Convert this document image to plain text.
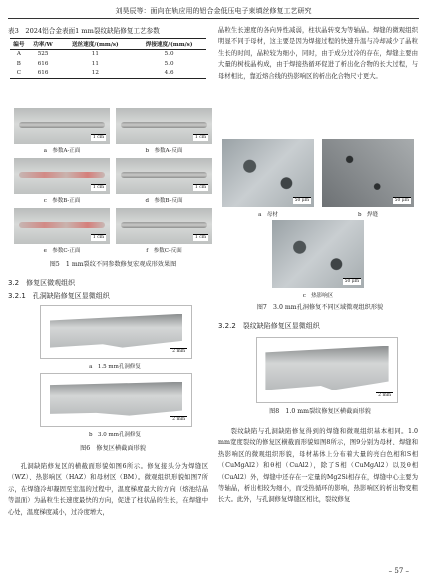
刘昊辰等：面向在轨应用的铝合金低压电子束填丝修复工艺研究

表3　2024铝合金表面1 mm裂纹缺陷修复工艺参数

编号	功率/W	送丝速度/(mm/s)	焊接速度/(mm/s)
A	525	11	5.0
B	616	11	5.0
C	616	12	4.6
1 cm	1 cm
a　参数A-正面	b　参数A-反面
1 cm	1 cm
c　参数B-正面	d　参数B-反面
1 cm	1 cm
e　参数C-正面	f　参数C-反面

图5　1 mm裂纹不同参数修复宏观成形效果图

3.2　修复区微观组织

3.2.1　孔洞缺陷修复区显微组织

2 mm
a　1.5 mm孔洞修复
2 mm
b　3.0 mm孔洞修复

图6　修复区横截面形貌

孔洞缺陷修复区的横截面形貌如图6所示。修复接头分为焊缝区（WZ）、热影响区（HAZ）和母材区（BM）。微观组织形貌如图7所示，在焊缝冷却凝固至室温的过程中，温度梯度最大的方向（熔池结晶等温面）为晶粒生长速度最快的方向，促进了柱状晶的生长，在焊缝中心处，温度梯度减小，过冷度增大，

晶粒生长速度的各向异性减弱，柱状晶转变为等轴晶。焊缝的微观组织明显不同于母材，这主要是因为焊接过程的快速升温与冷却减少了晶粒生长的时间，晶粒较为细小，同时，由于成分过冷的存在，焊缝主要由大量的树枝晶构成，由于焊接热循环促进了析出化合物的长大过程，与母材相比，靠近熔合线的热影响区的析出化合物尺寸更大。

50 μm	50 μm
a　母材	b　焊缝
50 μm
c　热影响区

图7　3.0 mm孔洞修复不同区域微观组织形貌

3.2.2　裂纹缺陷修复区显微组织

2 mm

图8　1.0 mm裂纹修复区横截面形貌

裂纹缺陷与孔洞缺陷修复得到的焊缝和微观组织基本相同。1.0 mm宽度裂纹的修复区横截面形貌如图8所示，图9分别为母材、焊缝和热影响区的微观组织形貌，母材基体上分布着大量的亮白色相和S相（CuMgAl2）和θ相（CuAl2），除了S相（CuMgAl2）以及θ相（CuAl2）外，焊缝中还存在一定量的Mg2Si相存在，焊缝中心主要为等轴晶，析出相较为细小，而受热循环的影响，热影响区的析出物变粗长大。此外，与孔洞修复焊缝区相比，裂纹修复

– 57 –
